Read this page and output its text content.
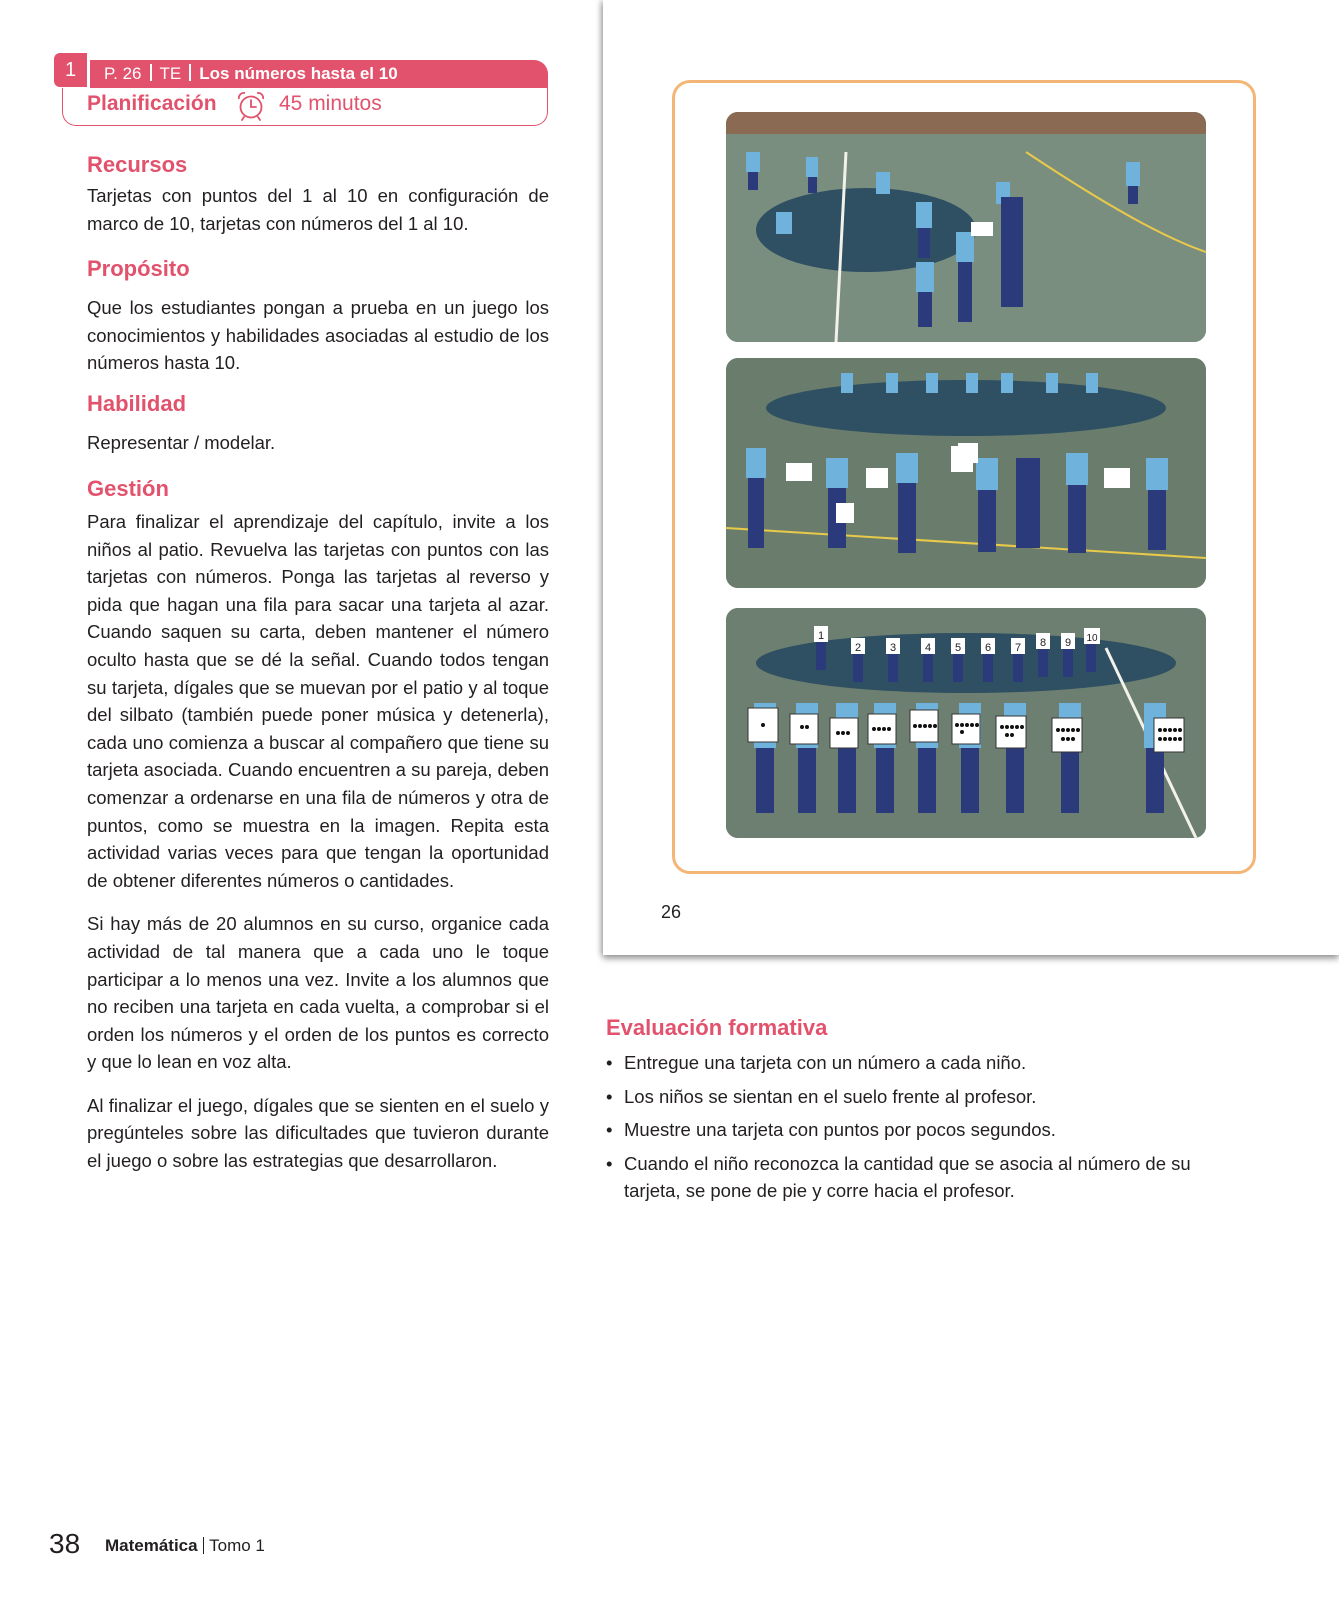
1	P. 26 TE Los números hasta el 10
Planificación	45 minutos
Recursos

Tarjetas con puntos del 1 al 10 en configuración de marco de 10, tarjetas con números del 1 al 10.

Propósito

Que los estudiantes pongan a prueba en un juego los conocimientos y habilidades asociadas al estudio de los números hasta 10.

Habilidad

Representar / modelar.

Gestión

Para finalizar el aprendizaje del capítulo, invite a los niños al patio. Revuelva las tarjetas con puntos con las tarjetas con números. Ponga las tarjetas al reverso y pida que hagan una fila para sacar una tarjeta al azar. Cuando saquen su carta, deben mantener el número oculto hasta que se dé la señal. Cuando todos tengan su tarjeta, dígales que se muevan por el patio y al toque del silbato (también puede poner música y detenerla), cada uno comienza a buscar al compañero que tiene su tarjeta asociada. Cuando encuentren a su pareja, deben comenzar a ordenarse en una fila de números y otra de puntos, como se muestra en la imagen. Repita esta actividad varias veces para que tengan la oportunidad de obtener diferentes números o cantidades.

Si hay más de 20 alumnos en su curso, organice cada actividad de tal manera que a cada uno le toque participar a lo menos una vez. Invite a los alumnos que no reciben una tarjeta en cada vuelta, a comprobar si el orden los números y el orden de los puntos es correcto y que lo lean en voz alta.

Al finalizar el juego, dígales que se sienten en el suelo y pregúnteles sobre las dificultades que tuvieron durante el juego o sobre las estrategias que desarrollaron.

1
2	3	4 5 6 7 8 9 10
26
Evaluación formativa
• Entregue una tarjeta con un número a cada niño.
• Los niños se sientan en el suelo frente al profesor.
• Muestre una tarjeta con puntos por pocos segundos.
• Cuando el niño reconozca la cantidad que se asocia al número de su tarjeta, se pone de pie y corre hacia el profesor.
38 Matemática Tomo 1
